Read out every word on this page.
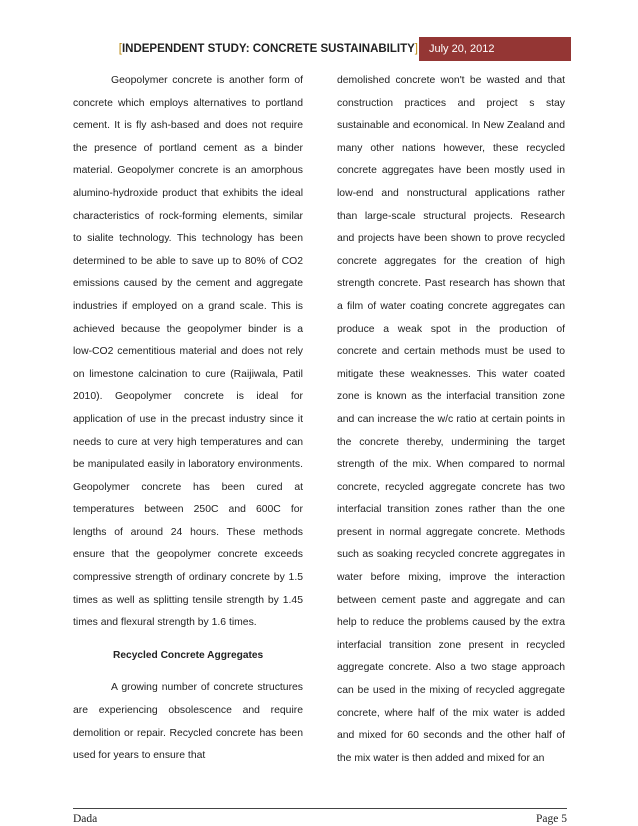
[INDEPENDENT STUDY: CONCRETE SUSTAINABILITY]	July 20, 2012

Geopolymer concrete is another form of concrete which employs alternatives to portland cement. It is fly ash-based and does not require the presence of portland cement as a binder material. Geopolymer concrete is an amorphous alumino-hydroxide product that exhibits the ideal characteristics of rock-forming elements, similar to sialite technology. This technology has been determined to be able to save up to 80% of CO2 emissions caused by the cement and aggregate industries if employed on a grand scale. This is achieved because the geopolymer binder is a low-CO2 cementitious material and does not rely on limestone calcination to cure (Raijiwala, Patil 2010). Geopolymer concrete is ideal for application of use in the precast industry since it needs to cure at very high temperatures and can be manipulated easily in laboratory environments. Geopolymer concrete has been cured at temperatures between 250C and 600C for lengths of around 24 hours. These methods ensure that the geopolymer concrete exceeds compressive strength of ordinary concrete by 1.5 times as well as splitting tensile strength by 1.45 times and flexural strength by 1.6 times.

Recycled Concrete Aggregates

A growing number of concrete structures are experiencing obsolescence and require demolition or repair. Recycled concrete has been used for years to ensure that

demolished concrete won't be wasted and that construction practices and project s stay sustainable and economical. In New Zealand and many other nations however, these recycled concrete aggregates have been mostly used in low-end and nonstructural applications rather than large-scale structural projects. Research and projects have been shown to prove recycled concrete aggregates for the creation of high strength concrete. Past research has shown that a film of water coating concrete aggregates can produce a weak spot in the production of concrete and certain methods must be used to mitigate these weaknesses. This water coated zone is known as the interfacial transition zone and can increase the w/c ratio at certain points in the concrete thereby, undermining the target strength of the mix. When compared to normal concrete, recycled aggregate concrete has two interfacial transition zones rather than the one present in normal aggregate concrete. Methods such as soaking recycled concrete aggregates in water before mixing, improve the interaction between cement paste and aggregate and can help to reduce the problems caused by the extra interfacial transition zone present in recycled aggregate concrete. Also a two stage approach can be used in the mixing of recycled aggregate concrete, where half of the mix water is added and mixed for 60 seconds and the other half of the mix water is then added and mixed for an

Dada	Page 5
